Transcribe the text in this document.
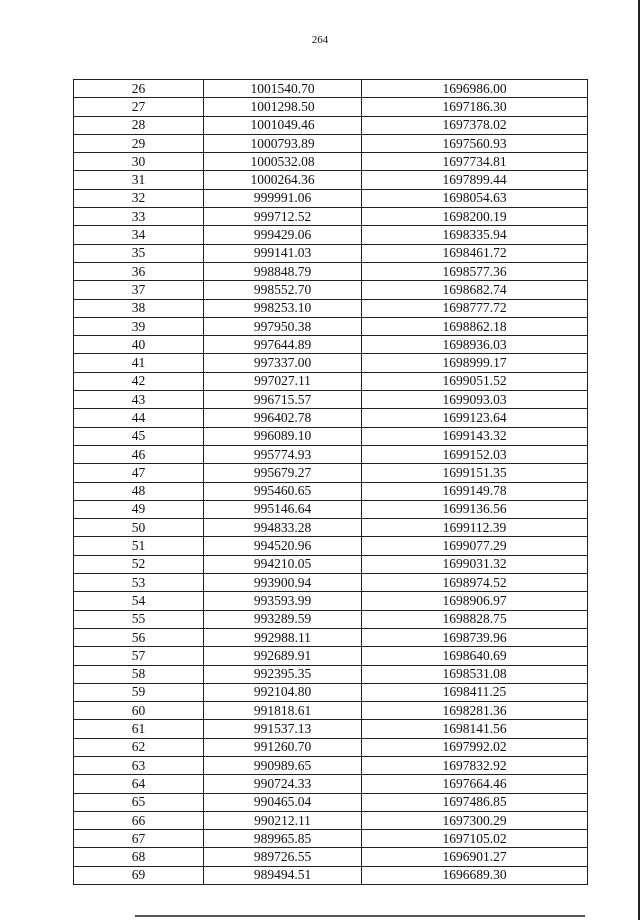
264
26	1001540.70	1696986.00
27	1001298.50	1697186.30
28	1001049.46	1697378.02
29	1000793.89	1697560.93
30	1000532.08	1697734.81
31	1000264.36	1697899.44
32	999991.06	1698054.63
33	999712.52	1698200.19
34	999429.06	1698335.94
35	999141.03	1698461.72
36	998848.79	1698577.36
37	998552.70	1698682.74
38	998253.10	1698777.72
39	997950.38	1698862.18
40	997644.89	1698936.03
41	997337.00	1698999.17
42	997027.11	1699051.52
43	996715.57	1699093.03
44	996402.78	1699123.64
45	996089.10	1699143.32
46	995774.93	1699152.03
47	995679.27	1699151.35
48	995460.65	1699149.78
49	995146.64	1699136.56
50	994833.28	1699112.39
51	994520.96	1699077.29
52	994210.05	1699031.32
53	993900.94	1698974.52
54	993593.99	1698906.97
55	993289.59	1698828.75
56	992988.11	1698739.96
57	992689.91	1698640.69
58	992395.35	1698531.08
59	992104.80	1698411.25
60	991818.61	1698281.36
61	991537.13	1698141.56
62	991260.70	1697992.02
63	990989.65	1697832.92
64	990724.33	1697664.46
65	990465.04	1697486.85
66	990212.11	1697300.29
67	989965.85	1697105.02
68	989726.55	1696901.27
69	989494.51	1696689.30
